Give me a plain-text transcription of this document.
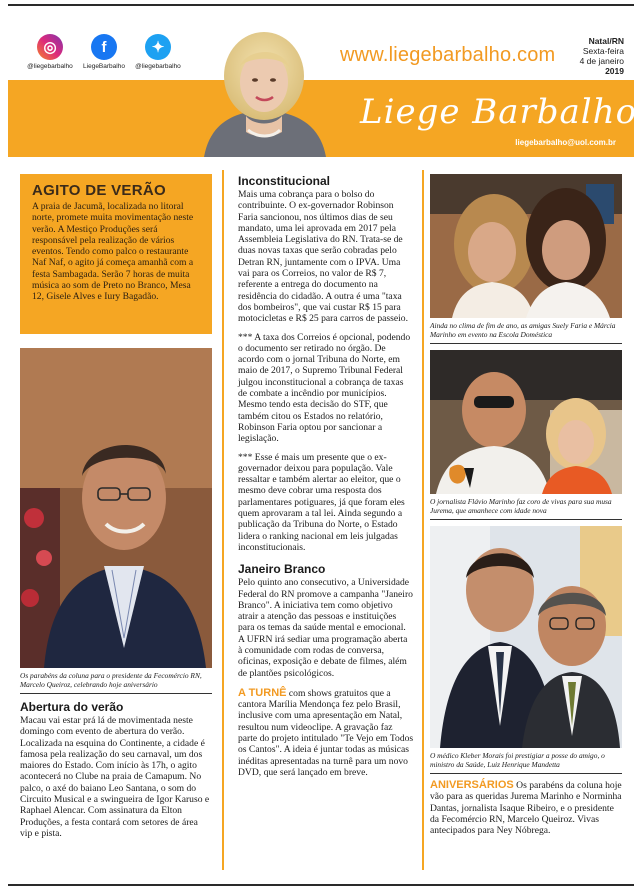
◎
@liegebarbalho
f
LiegeBarbalho
✦
@liegebarbalho
www.liegebarbalho.com
Natal/RN
Sexta-feira
4 de janeiro
2019
Liege Barbalho
liegebarbalho@uol.com.br
AGITO DE VERÃO
A praia de Jacumã, localizada no litoral norte, promete muita movimentação neste verão. A Mestiço Produções será responsável pela realização de vários eventos. Tendo como palco o restaurante Naf Naf, o agito já começa amanhã com a festa Sambagada. Serão 7 horas de muita música ao som de Preto no Branco, Mesa 12, Gisele Alves e Iury Bagadão.
Os parabéns da coluna para o presidente da Fecomércio RN, Marcelo Queiroz, celebrando hoje aniversário
Abertura do verão
Macau vai estar prá lá de movimentada neste domingo com evento de abertura do verão. Localizada na esquina do Continente, a cidade é famosa pela realização do seu carnaval, um dos maiores do Estado. Com início às 17h, o agito acontecerá no Clube na praia de Camapum. No palco, o axé do baiano Leo Santana, o som do Circuito Musical e a swingueira de Igor Karuso e Raphael Alencar. Com assinatura da Elton Produções, a festa contará com setores de área vip e pista.
Inconstitucional
Mais uma cobrança para o bolso do contribuinte. O ex-governador Robinson Faria sancionou, nos últimos dias de seu mandato, uma lei aprovada em 2017 pela Assembleia Legislativa do RN. Trata-se de duas novas taxas que serão cobradas pelo Detran RN, juntamente com o IPVA. Uma vai para os Correios, no valor de R$ 7, referente a entrega do documento na residência do cidadão. A outra é uma "taxa dos bombeiros", que vai custar R$ 15 para motocicletas e R$ 25 para carros de passeio.
*** A taxa dos Correios é opcional, podendo o documento ser retirado no órgão. De acordo com o jornal Tribuna do Norte, em maio de 2017, o Supremo Tribunal Federal julgou inconstitucional a cobrança de taxas de combate a incêndio por municípios. Mesmo tendo esta decisão do STF, que também citou os Estados no relatório, Robinson Faria optou por sancionar a legislação.
*** Esse é mais um presente que o ex-governador deixou para população. Vale ressaltar e também alertar ao eleitor, que o mesmo deve cobrar uma resposta dos parlamentares potiguares, já que foram eles quem aprovaram a tal lei. Ainda segundo a publicação da Tribuna do Norte, o Estado lidera o ranking nacional em leis julgadas inconstitucionais.
Janeiro Branco
Pelo quinto ano consecutivo, a Universidade Federal do RN promove a campanha "Janeiro Branco". A iniciativa tem como objetivo atrair a atenção das pessoas e instituições para os temas da saúde mental e emocional. A UFRN irá sediar uma programação aberta à comunidade com rodas de conversa, oficinas, exposição e debate de filmes, além de plantões psicológicos.
A TURNÊ com shows gratuitos que a cantora Marília Mendonça fez pelo Brasil, inclusive com uma apresentação em Natal, resultou num videoclipe. A gravação faz parte do projeto intitulado "Te Vejo em Todos os Cantos". A ideia é juntar todas as músicas inéditas apresentadas na turnê para um novo DVD, que será lançado em breve.
Ainda no clima de fim de ano, as amigas Suely Faria e Márcia Marinho em evento na Escola Doméstica
O jornalista Flávio Marinho faz coro de vivas para sua musa Jurema, que amanhece com idade nova
O médico Kleber Morais foi prestigiar a posse do amigo, o ministro da Saúde, Luiz Henrique Mandetta
ANIVERSÁRIOS Os parabéns da coluna hoje vão para as queridas Jurema Marinho e Norminha Dantas, jornalista Isaque Ribeiro, e o presidente da Fecomércio RN, Marcelo Queiroz. Vivas antecipados para Ney Nóbrega.
